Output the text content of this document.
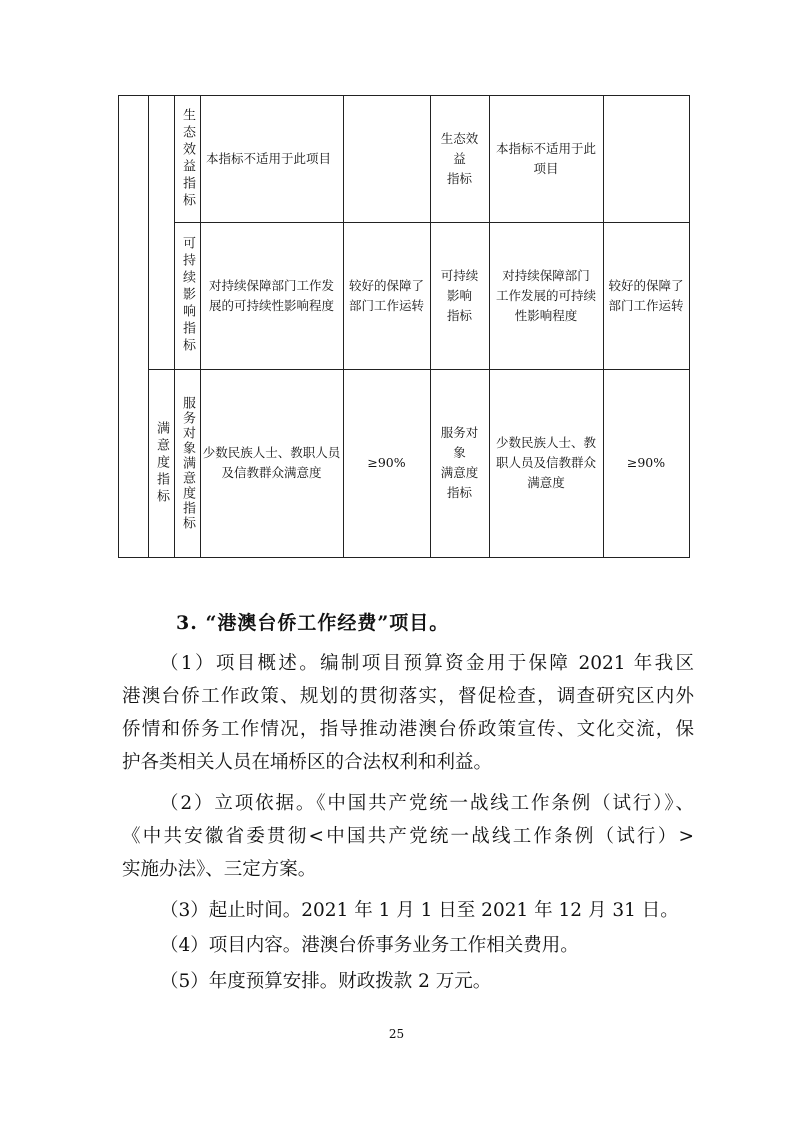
生态效益指标 本指标不适用于此项目
生态效
益
指标
本指标不适用于此
项目
可持续影响指标	对持续保障部门工作发
展的可持续性影响程度
较好的保障了
部门工作运转
可持续
影响
指标
对持续保障部门
工作发展的可持续
性影响程度
较好的保障了
部门工作运转
满意度指标 服务对象满意度指标 少数民族人士、教职人员
及信教群众满意度
≥90%
服务对
象
满意度
指标
少数民族人士、教
职人员及信教群众
满意度
≥90%
3. “港澳台侨工作经费”项目。
（1）项目概述。编制项目预算资金用于保障 2021 年我区
港澳台侨工作政策、规划的贯彻落实，督促检查，调查研究区内外
侨情和侨务工作情况，指导推动港澳台侨政策宣传、文化交流，保
护各类相关人员在埇桥区的合法权利和利益。
（2）立项依据。《中国共产党统一战线工作条例（试行）》、
《中共安徽省委贯彻<中国共产党统一战线工作条例（试行）>
实施办法》、三定方案。
（3）起止时间。2021 年 1 月 1 日至 2021 年 12 月 31 日。
（4）项目内容。港澳台侨事务业务工作相关费用。
（5）年度预算安排。财政拨款 2 万元。
25
